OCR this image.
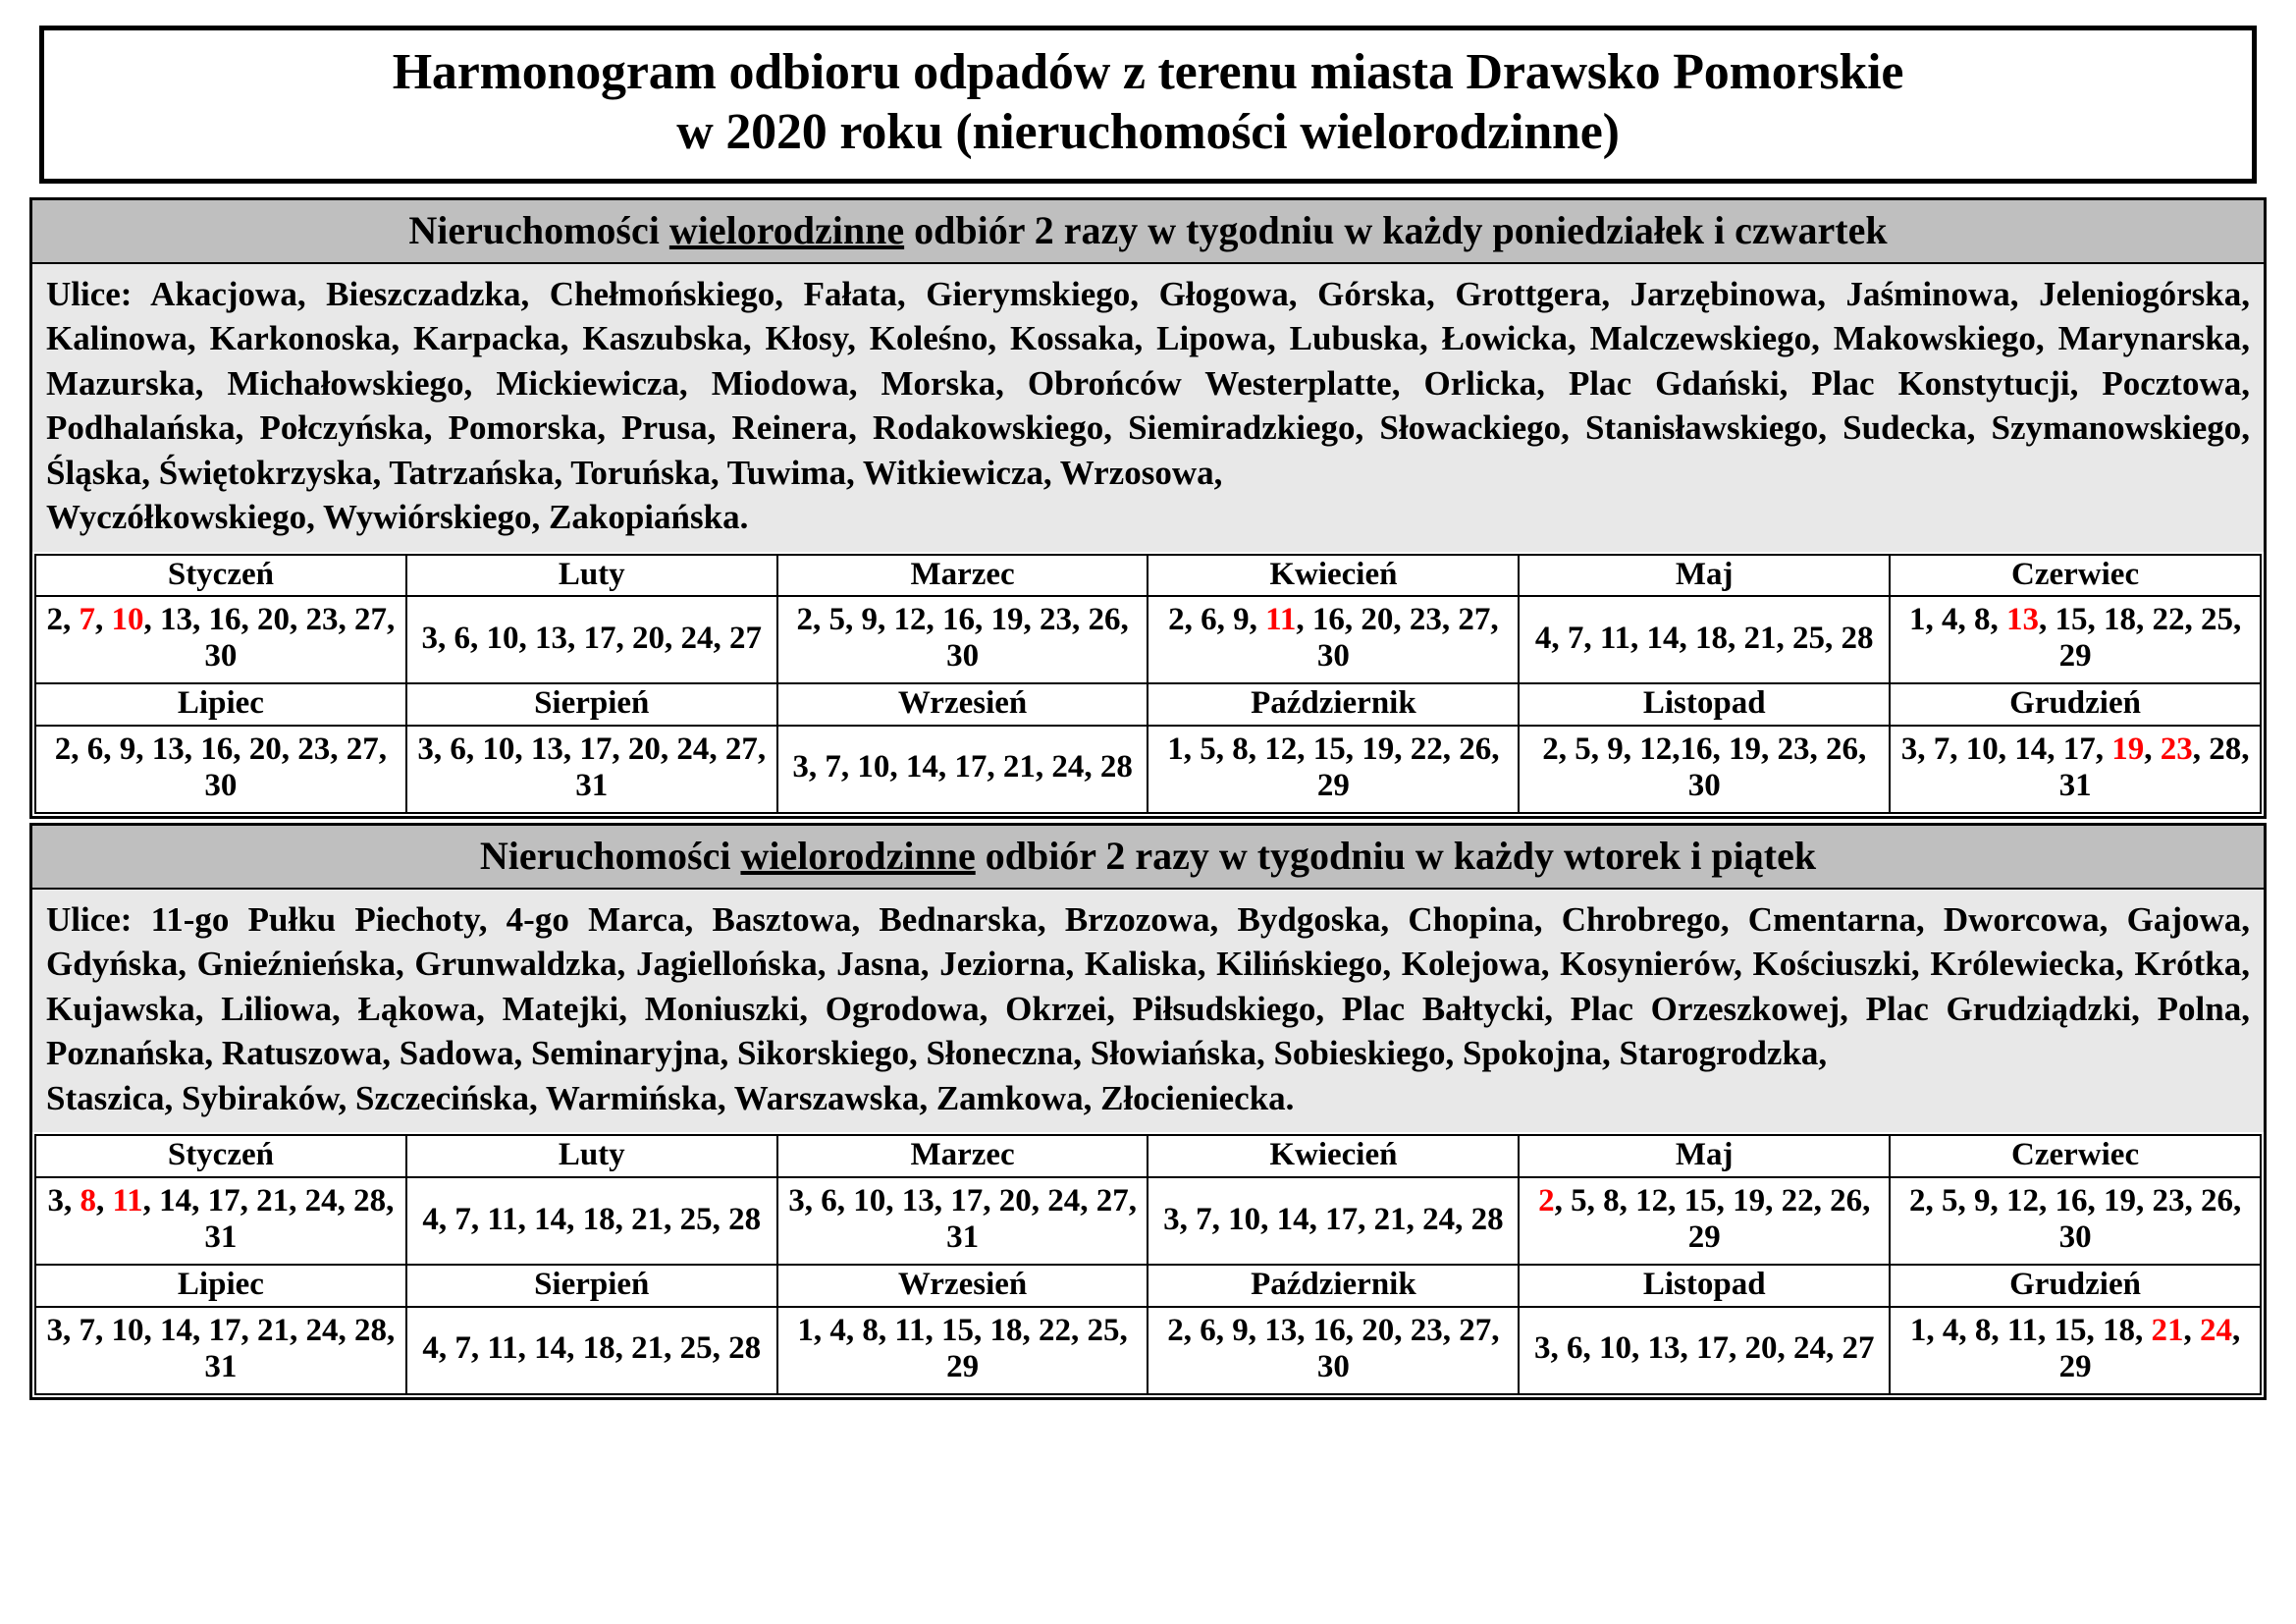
Harmonogram odbioru odpadów z terenu miasta Drawsko Pomorskie
w 2020 roku (nieruchomości wielorodzinne)
Nieruchomości wielorodzinne odbiór 2 razy w tygodniu w każdy poniedziałek i czwartek
Ulice: Akacjowa, Bieszczadzka, Chełmońskiego, Fałata, Gierymskiego, Głogowa, Górska, Grottgera, Jarzębinowa, Jaśminowa, Jeleniogórska, Kalinowa, Karkonoska, Karpacka, Kaszubska, Kłosy, Koleśno, Kossaka, Lipowa, Lubuska, Łowicka, Malczewskiego, Makowskiego, Marynarska, Mazurska, Michałowskiego, Mickiewicza, Miodowa, Morska, Obrońców Westerplatte, Orlicka, Plac Gdański, Plac Konstytucji, Pocztowa, Podhalańska, Połczyńska, Pomorska, Prusa, Reinera, Rodakowskiego, Siemiradzkiego, Słowackiego, Stanisławskiego, Sudecka, Szymanowskiego, Śląska, Świętokrzyska, Tatrzańska, Toruńska, Tuwima, Witkiewicza, Wrzosowa,
Wyczółkowskiego, Wywiórskiego, Zakopiańska.
Styczeń	Luty	Marzec	Kwiecień	Maj	Czerwiec
2, 7, 10, 13, 16, 20, 23, 27, 30	3, 6, 10, 13, 17, 20, 24, 27	2, 5, 9, 12, 16, 19, 23, 26, 30	2, 6, 9, 11, 16, 20, 23, 27, 30	4, 7, 11, 14, 18, 21, 25, 28	1, 4, 8, 13, 15, 18, 22, 25, 29
Lipiec	Sierpień	Wrzesień	Październik	Listopad	Grudzień
2, 6, 9, 13, 16, 20, 23, 27, 30	3, 6, 10, 13, 17, 20, 24, 27, 31	3, 7, 10, 14, 17, 21, 24, 28	1, 5, 8, 12, 15, 19, 22, 26, 29	2, 5, 9, 12,16, 19, 23, 26, 30	3, 7, 10, 14, 17, 19, 23, 28, 31
Nieruchomości wielorodzinne odbiór 2 razy w tygodniu w każdy wtorek i piątek
Ulice: 11-go Pułku Piechoty, 4-go Marca, Basztowa, Bednarska, Brzozowa, Bydgoska, Chopina, Chrobrego, Cmentarna, Dworcowa, Gajowa, Gdyńska, Gnieźnieńska, Grunwaldzka, Jagiellońska, Jasna, Jeziorna, Kaliska, Kilińskiego, Kolejowa, Kosynierów, Kościuszki, Królewiecka, Krótka, Kujawska, Liliowa, Łąkowa, Matejki, Moniuszki, Ogrodowa, Okrzei, Piłsudskiego, Plac Bałtycki, Plac Orzeszkowej, Plac Grudziądzki, Polna, Poznańska, Ratuszowa, Sadowa, Seminaryjna, Sikorskiego, Słoneczna, Słowiańska, Sobieskiego, Spokojna, Starogrodzka,
Staszica, Sybiraków, Szczecińska, Warmińska, Warszawska, Zamkowa, Złocieniecka.
Styczeń	Luty	Marzec	Kwiecień	Maj	Czerwiec
3, 8, 11, 14, 17, 21, 24, 28, 31	4, 7, 11, 14, 18, 21, 25, 28	3, 6, 10, 13, 17, 20, 24, 27, 31	3, 7, 10, 14, 17, 21, 24, 28	2, 5, 8, 12, 15, 19, 22, 26, 29	2, 5, 9, 12, 16, 19, 23, 26, 30
Lipiec	Sierpień	Wrzesień	Październik	Listopad	Grudzień
3, 7, 10, 14, 17, 21, 24, 28, 31	4, 7, 11, 14, 18, 21, 25, 28	1, 4, 8, 11, 15, 18, 22, 25, 29	2, 6, 9, 13, 16, 20, 23, 27, 30	3, 6, 10, 13, 17, 20, 24, 27	1, 4, 8, 11, 15, 18, 21, 24, 29
